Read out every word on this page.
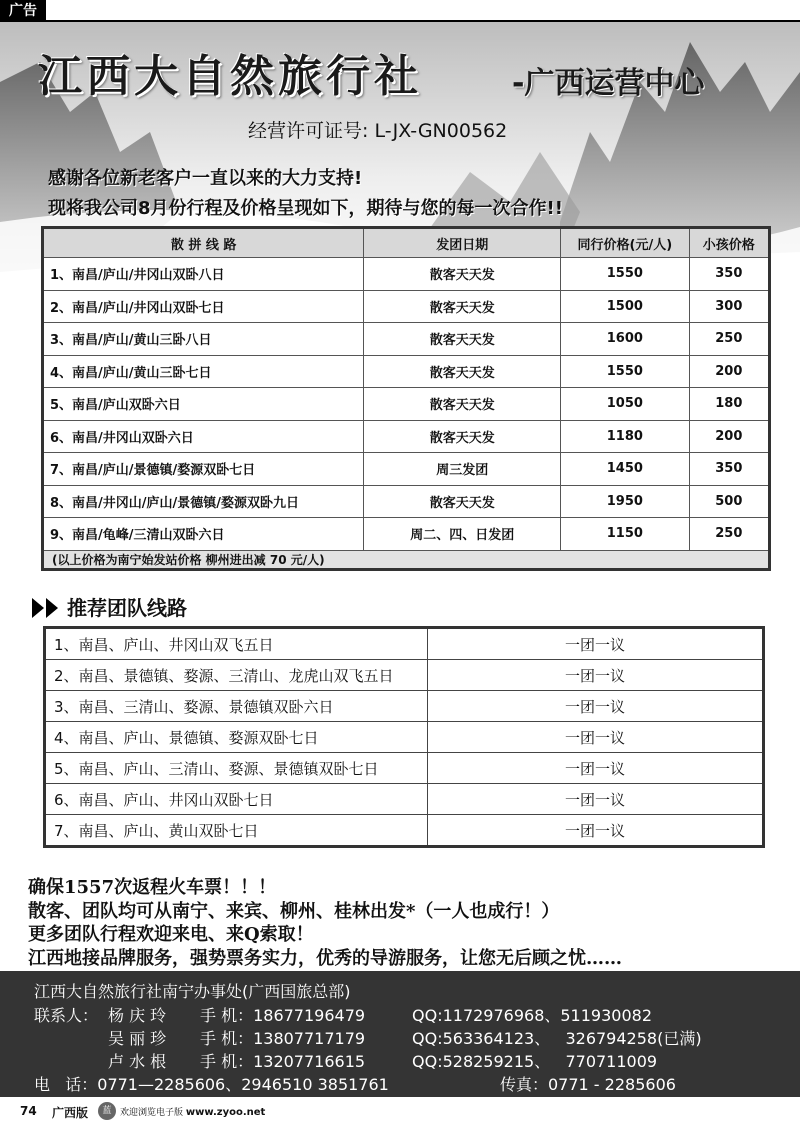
广告
江西大自然旅行社	-广西运营中心
经营许可证号: L-JX-GN00562
感谢各位新老客户一直以来的大力支持!
现将我公司8月份行程及价格呈现如下，期待与您的每一次合作!!
散 拼 线 路	发团日期	同行价格(元/人)	小孩价格
1、南昌/庐山/井冈山双卧八日	散客天天发	1550	350
2、南昌/庐山/井冈山双卧七日	散客天天发	1500	300
3、南昌/庐山/黄山三卧八日	散客天天发	1600	250
4、南昌/庐山/黄山三卧七日	散客天天发	1550	200
5、南昌/庐山双卧六日	散客天天发	1050	180
6、南昌/井冈山双卧六日	散客天天发	1180	200
7、南昌/庐山/景德镇/婺源双卧七日	周三发团	1450	350
8、南昌/井冈山/庐山/景德镇/婺源双卧九日	散客天天发	1950	500
9、南昌/龟峰/三清山双卧六日	周二、四、日发团	1150	250
(以上价格为南宁始发站价格 柳州进出减 70 元/人)			
推荐团队线路
1、南昌、庐山、井冈山双飞五日	一团一议
2、南昌、景德镇、婺源、三清山、龙虎山双飞五日	一团一议
3、南昌、三清山、婺源、景德镇双卧六日	一团一议
4、南昌、庐山、景德镇、婺源双卧七日	一团一议
5、南昌、庐山、三清山、婺源、景德镇双卧七日	一团一议
6、南昌、庐山、井冈山双卧七日	一团一议
7、南昌、庐山、黄山双卧七日	一团一议
确保1557次返程火车票！！！
散客、团队均可从南宁、来宾、柳州、桂林出发*（一人也成行！）
更多团队行程欢迎来电、来Q索取！
江西地接品牌服务，强势票务实力，优秀的导游服务，让您无后顾之忧……
江西大自然旅行社南宁办事处(广西国旅总部)
联系人： 杨 庆 玲 手 机：18677196479	QQ:1172976968、511930082
吴 丽 珍 手 机：13807717179	QQ:563364123、   326794258(已满)
卢 水 根 手 机：13207716615	QQ:528259215、   770711009
电   话：0771—2285606、2946510 3851761	传真：0771 - 2285606
74 广西版	蓝 欢迎浏览电子版 www.zyoo.net
